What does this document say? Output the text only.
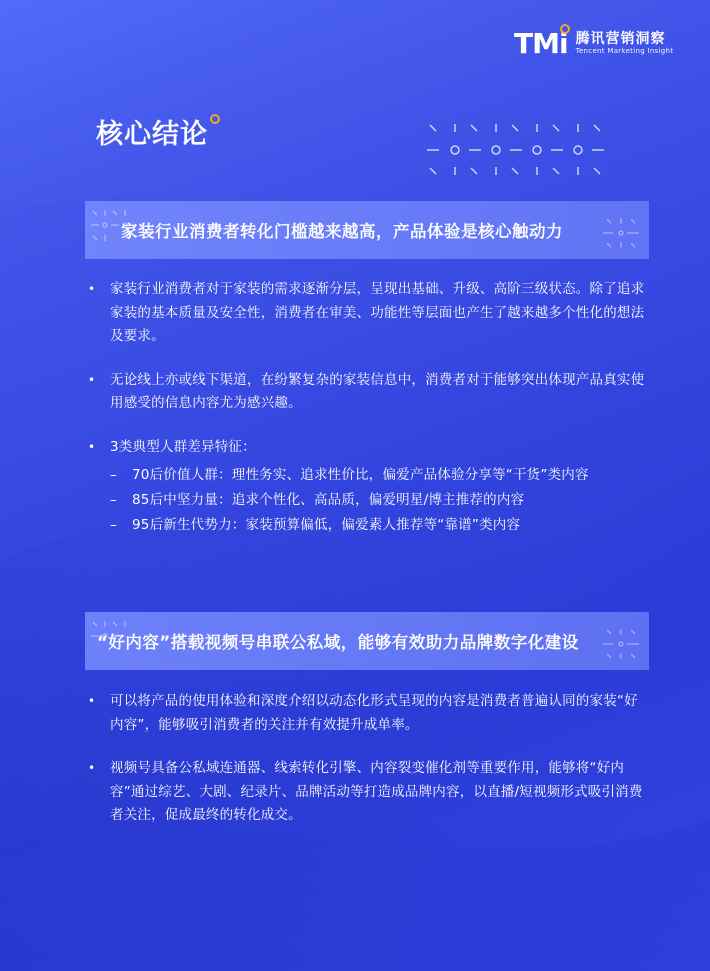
TMi 腾讯营销洞察
Tencent Marketing Insight
核心结论
家装行业消费者转化门槛越来越高，产品体验是核心触动力
• 家装行业消费者对于家装的需求逐渐分层，呈现出基础、升级、高阶三级状态。除了追求家装的基本质量及安全性，消费者在审美、功能性等层面也产生了越来越多个性化的想法及要求。
• 无论线上亦或线下渠道，在纷繁复杂的家装信息中，消费者对于能够突出体现产品真实使用感受的信息内容尤为感兴趣。
• 3类典型人群差异特征：
– 70后价值人群：理性务实、追求性价比，偏爱产品体验分享等“干货”类内容
– 85后中坚力量：追求个性化、高品质，偏爱明星/博主推荐的内容
– 95后新生代势力：家装预算偏低，偏爱素人推荐等“靠谱”类内容
“好内容”搭载视频号串联公私域，能够有效助力品牌数字化建设
• 可以将产品的使用体验和深度介绍以动态化形式呈现的内容是消费者普遍认同的家装“好内容”，能够吸引消费者的关注并有效提升成单率。
• 视频号具备公私域连通器、线索转化引擎、内容裂变催化剂等重要作用，能够将“好内容”通过综艺、大剧、纪录片、品牌活动等打造成品牌内容，以直播/短视频形式吸引消费者关注，促成最终的转化成交。
